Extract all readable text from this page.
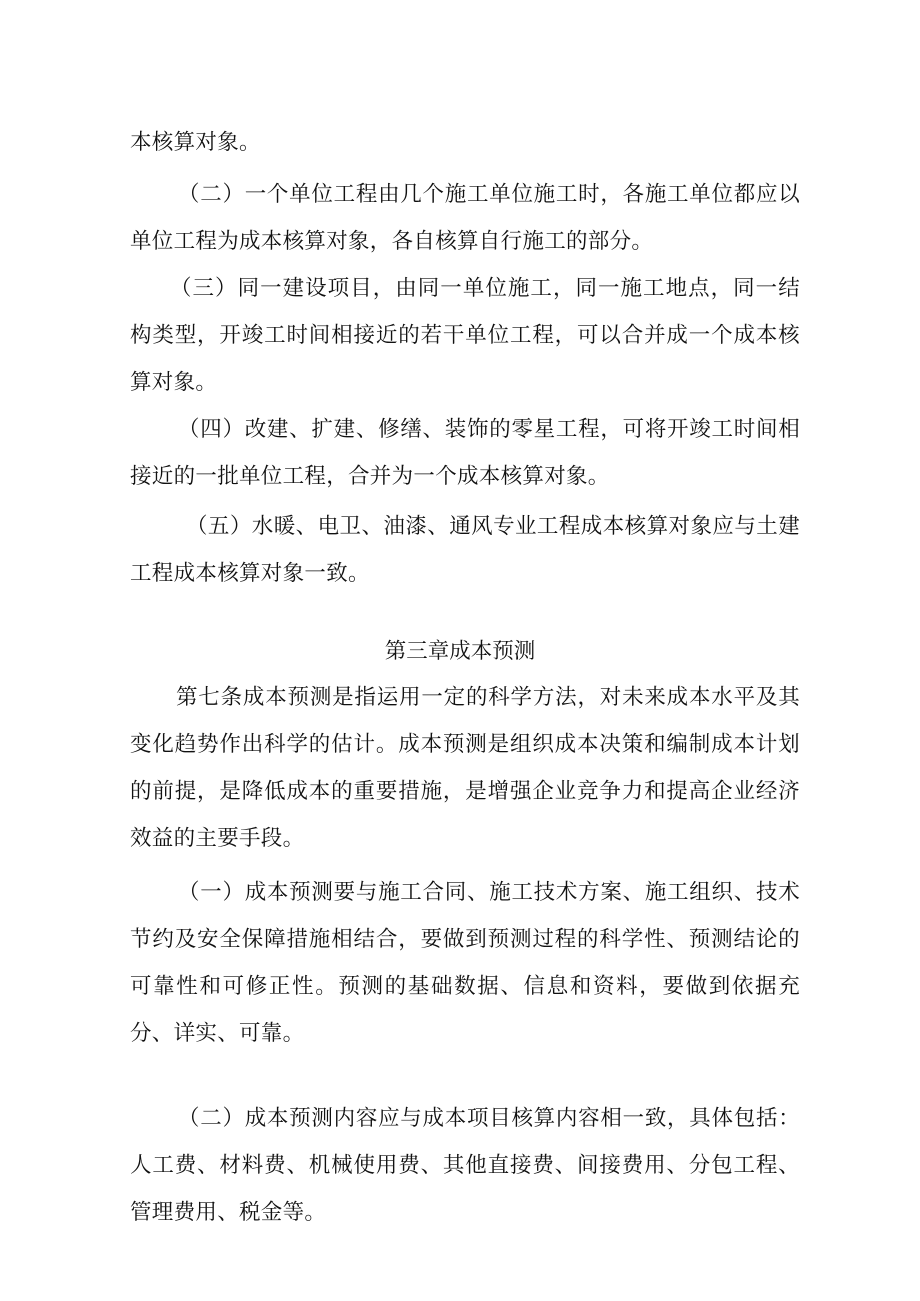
本核算对象。

（二）一个单位工程由几个施工单位施工时，各施工单位都应以单位工程为成本核算对象，各自核算自行施工的部分。

（三）同一建设项目，由同一单位施工，同一施工地点，同一结构类型，开竣工时间相接近的若干单位工程，可以合并成一个成本核算对象。

（四）改建、扩建、修缮、装饰的零星工程，可将开竣工时间相接近的一批单位工程，合并为一个成本核算对象。

（五）水暖、电卫、油漆、通风专业工程成本核算对象应与土建工程成本核算对象一致。

第三章成本预测

第七条成本预测是指运用一定的科学方法，对未来成本水平及其变化趋势作出科学的估计。成本预测是组织成本决策和编制成本计划的前提，是降低成本的重要措施，是增强企业竞争力和提高企业经济效益的主要手段。

（一）成本预测要与施工合同、施工技术方案、施工组织、技术节约及安全保障措施相结合，要做到预测过程的科学性、预测结论的可靠性和可修正性。预测的基础数据、信息和资料，要做到依据充分、详实、可靠。

（二）成本预测内容应与成本项目核算内容相一致，具体包括：人工费、材料费、机械使用费、其他直接费、间接费用、分包工程、管理费用、税金等。
